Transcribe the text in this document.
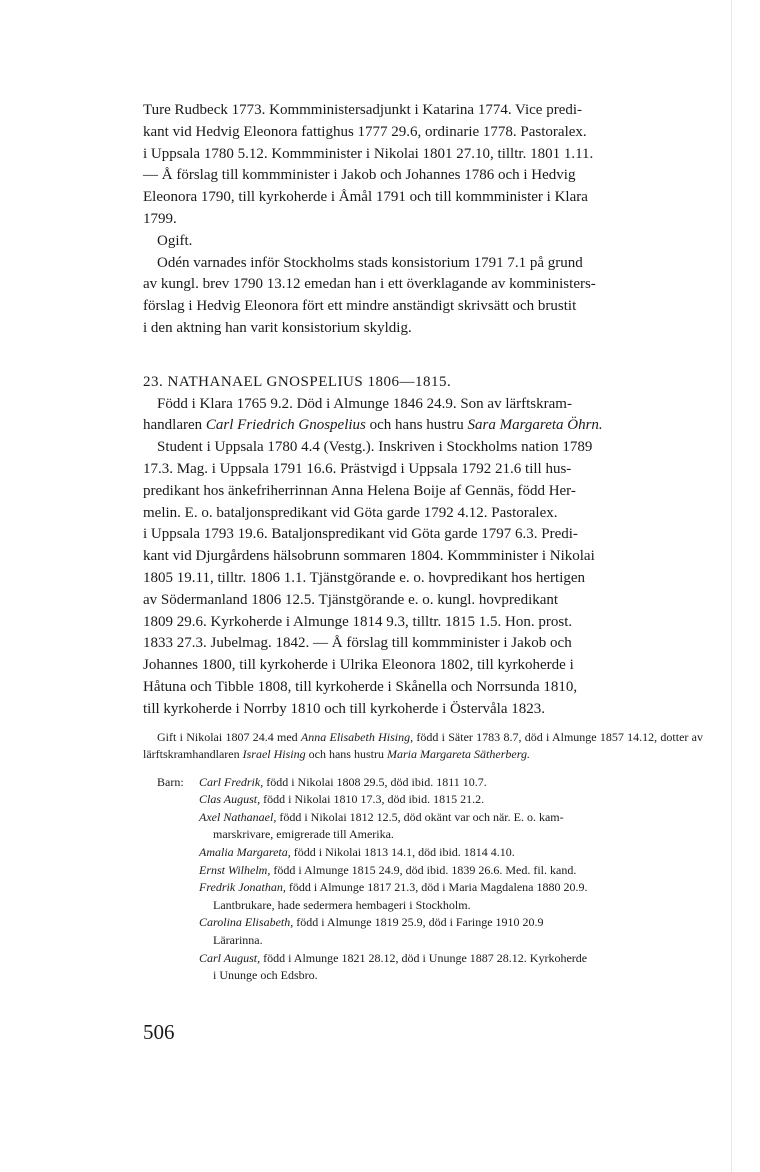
Ture Rudbeck 1773. Kommministersadjunkt i Katarina 1774. Vice predi-
kant vid Hedvig Eleonora fattighus 1777 29.6, ordinarie 1778. Pastoralex.
i Uppsala 1780 5.12. Kommminister i Nikolai 1801 27.10, tilltr. 1801 1.11.
— Å förslag till kommminister i Jakob och Johannes 1786 och i Hedvig
Eleonora 1790, till kyrkoherde i Åmål 1791 och till kommminister i Klara
1799.
Ogift.
Odén varnades inför Stockholms stads konsistorium 1791 7.1 på grund
av kungl. brev 1790 13.12 emedan han i ett överklagande av komministers-
förslag i Hedvig Eleonora fört ett mindre anständigt skrivsätt och brustit
i den aktning han varit konsistorium skyldig.
23. NATHANAEL GNOSPELIUS 1806—1815.
Född i Klara 1765 9.2. Död i Almunge 1846 24.9. Son av lärftskram-
handlaren Carl Friedrich Gnospelius och hans hustru Sara Margareta Öhrn.
Student i Uppsala 1780 4.4 (Vestg.). Inskriven i Stockholms nation 1789
17.3. Mag. i Uppsala 1791 16.6. Prästvigd i Uppsala 1792 21.6 till hus-
predikant hos änkefriherrinnan Anna Helena Boije af Gennäs, född Her-
melin. E. o. bataljonspredikant vid Göta garde 1792 4.12. Pastoralex.
i Uppsala 1793 19.6. Bataljonspredikant vid Göta garde 1797 6.3. Predi-
kant vid Djurgårdens hälsobrunn sommaren 1804. Kommminister i Nikolai
1805 19.11, tilltr. 1806 1.1. Tjänstgörande e. o. hovpredikant hos hertigen
av Södermanland 1806 12.5. Tjänstgörande e. o. kungl. hovpredikant
1809 29.6. Kyrkoherde i Almunge 1814 9.3, tilltr. 1815 1.5. Hon. prost.
1833 27.3. Jubelmag. 1842. — Å förslag till kommminister i Jakob och
Johannes 1800, till kyrkoherde i Ulrika Eleonora 1802, till kyrkoherde i
Håtuna och Tibble 1808, till kyrkoherde i Skånella och Norrsunda 1810,
till kyrkoherde i Norrby 1810 och till kyrkoherde i Östervåla 1823.
Gift i Nikolai 1807 24.4 med Anna Elisabeth Hising, född i Säter 1783 8.7, död i Almunge 1857 14.12, dotter av lärftskramhandlaren Israel Hising och hans hustru Maria Margareta Sätherberg.
Barn: Carl Fredrik, född i Nikolai 1808 29.5, död ibid. 1811 10.7.
Clas August, född i Nikolai 1810 17.3, död ibid. 1815 21.2.
Axel Nathanael, född i Nikolai 1812 12.5, död okänt var och när. E. o. kam-
marskrivare, emigrerade till Amerika.
Amalia Margareta, född i Nikolai 1813 14.1, död ibid. 1814 4.10.
Ernst Wilhelm, född i Almunge 1815 24.9, död ibid. 1839 26.6. Med. fil. kand.
Fredrik Jonathan, född i Almunge 1817 21.3, död i Maria Magdalena 1880 20.9.
Lantbrukare, hade sedermera hembageri i Stockholm.
Carolina Elisabeth, född i Almunge 1819 25.9, död i Faringe 1910 20.9
Lärarinna.
Carl August, född i Almunge 1821 28.12, död i Ununge 1887 28.12. Kyrkoherde
i Ununge och Edsbro.
506
